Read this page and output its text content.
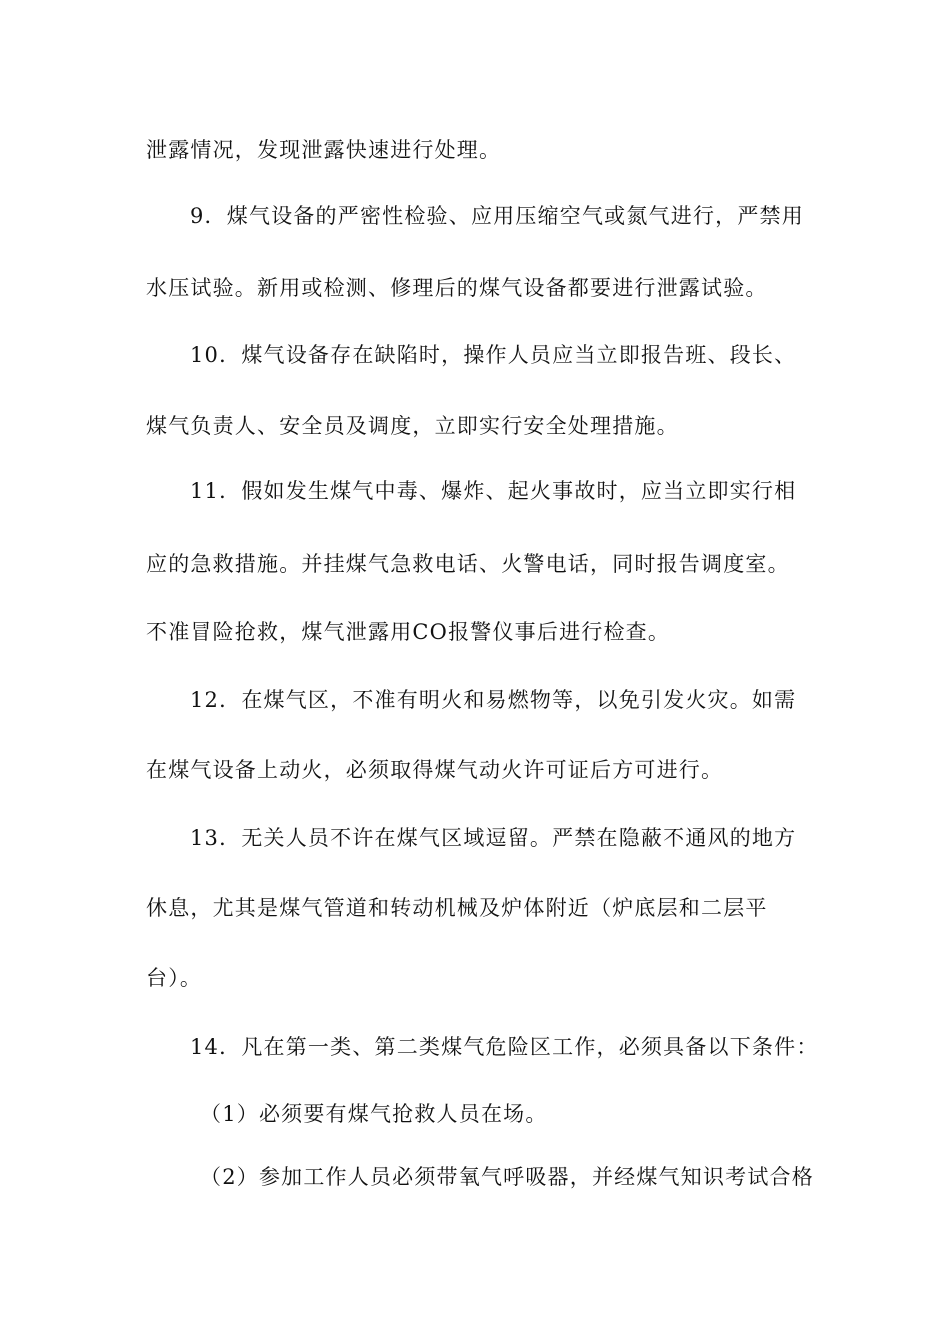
泄露情况，发现泄露快速进行处理。
9．煤气设备的严密性检验、应用压缩空气或氮气进行，严禁用
水压试验。新用或检测、修理后的煤气设备都要进行泄露试验。
10．煤气设备存在缺陷时，操作人员应当立即报告班、段长、
煤气负责人、安全员及调度，立即实行安全处理措施。
11．假如发生煤气中毒、爆炸、起火事故时，应当立即实行相
应的急救措施。并挂煤气急救电话、火警电话，同时报告调度室。
不准冒险抢救，煤气泄露用CO报警仪事后进行检查。
12．在煤气区，不准有明火和易燃物等，以免引发火灾。如需
在煤气设备上动火，必须取得煤气动火许可证后方可进行。
13．无关人员不许在煤气区域逗留。严禁在隐蔽不通风的地方
休息，尤其是煤气管道和转动机械及炉体附近（炉底层和二层平
台）。
14．凡在第一类、第二类煤气危险区工作，必须具备以下条件：
（1）必须要有煤气抢救人员在场。
（2）参加工作人员必须带氧气呼吸器，并经煤气知识考试合格
